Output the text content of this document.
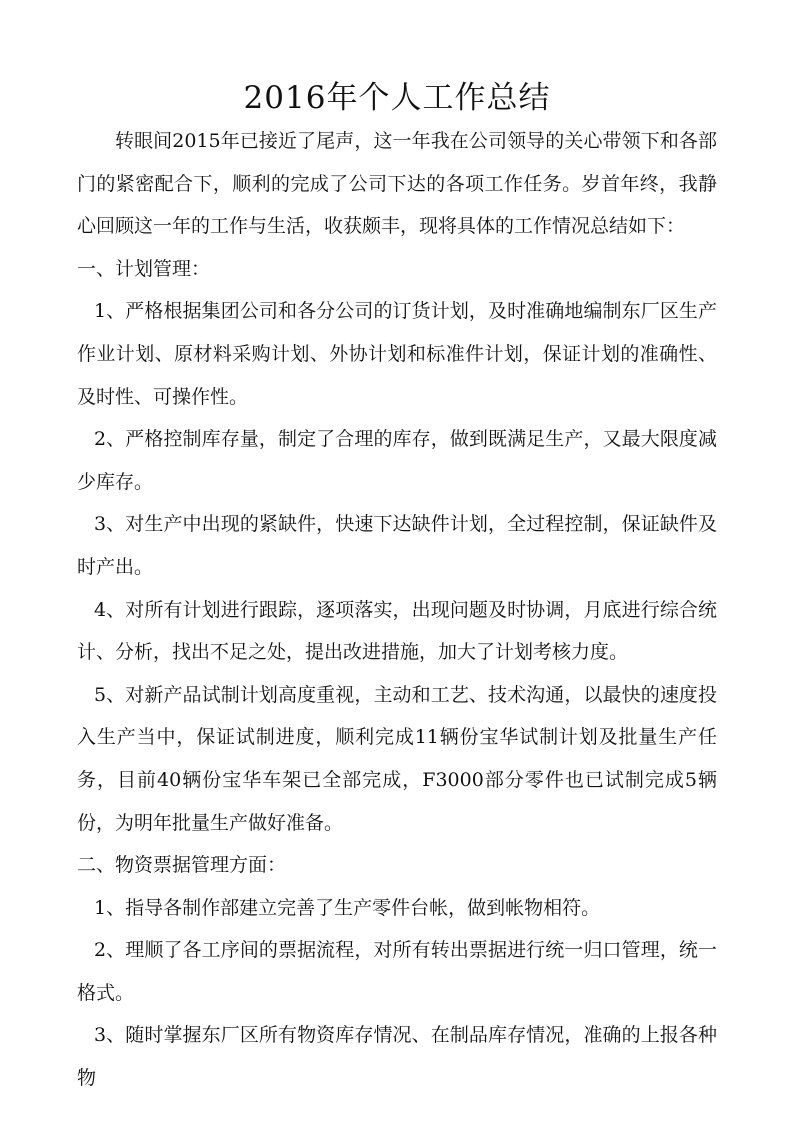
2016年个人工作总结

转眼间2015年已接近了尾声，这一年我在公司领导的关心带领下和各部门的紧密配合下，顺利的完成了公司下达的各项工作任务。岁首年终，我静心回顾这一年的工作与生活，收获颇丰，现将具体的工作情况总结如下：

一、计划管理：

1、严格根据集团公司和各分公司的订货计划，及时准确地编制东厂区生产作业计划、原材料采购计划、外协计划和标准件计划，保证计划的准确性、及时性、可操作性。

2、严格控制库存量，制定了合理的库存，做到既满足生产，又最大限度减少库存。

3、对生产中出现的紧缺件，快速下达缺件计划，全过程控制，保证缺件及时产出。

4、对所有计划进行跟踪，逐项落实，出现问题及时协调，月底进行综合统计、分析，找出不足之处，提出改进措施，加大了计划考核力度。

5、对新产品试制计划高度重视，主动和工艺、技术沟通，以最快的速度投入生产当中，保证试制进度，顺利完成11辆份宝华试制计划及批量生产任务，目前40辆份宝华车架已全部完成，F3000部分零件也已试制完成5辆份，为明年批量生产做好准备。

二、物资票据管理方面：

1、指导各制作部建立完善了生产零件台帐，做到帐物相符。

2、理顺了各工序间的票据流程，对所有转出票据进行统一归口管理，统一格式。

3、随时掌握东厂区所有物资库存情况、在制品库存情况，准确的上报各种物
